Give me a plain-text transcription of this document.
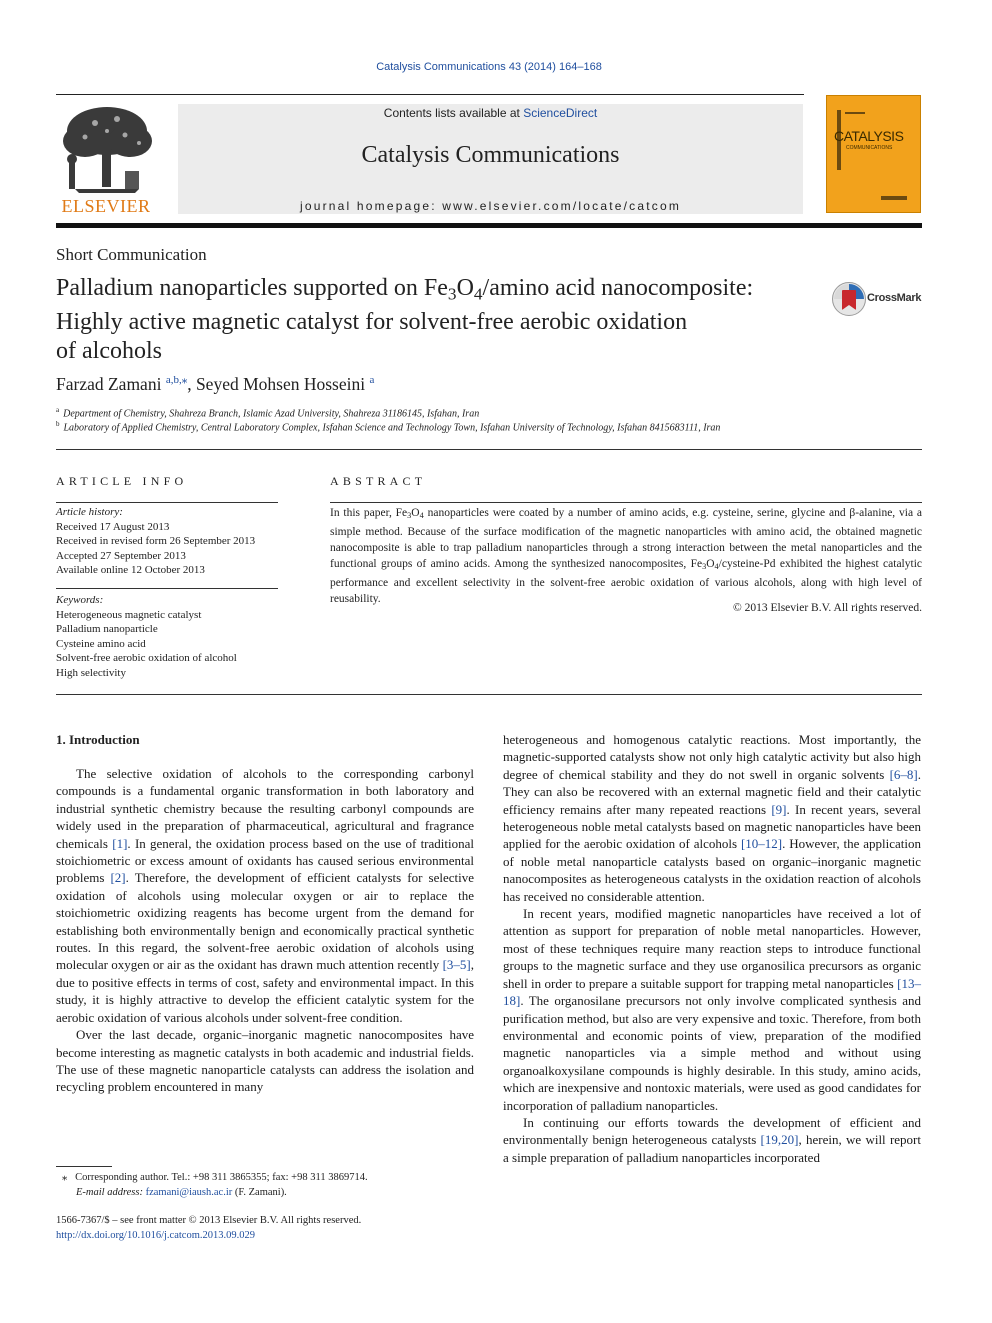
Catalysis Communications 43 (2014) 164–168
ELSEVIER
Contents lists available at ScienceDirect
Catalysis Communications
journal homepage: www.elsevier.com/locate/catcom
CATALYSIS
COMMUNICATIONS
Short Communication
Palladium nanoparticles supported on $Fe_3O_4$/amino acid nanocomposite:
Highly active magnetic catalyst for solvent-free aerobic oxidation
of alcohols
CrossMark
Farzad Zamani $^{a,b,⁎}$, Seyed Mohsen Hosseini $^a$
$^a$ Department of Chemistry, Shahreza Branch, Islamic Azad University, Shahreza 31186145, Isfahan, Iran
$^b$ Laboratory of Applied Chemistry, Central Laboratory Complex, Isfahan Science and Technology Town, Isfahan University of Technology, Isfahan 8415683111, Iran
ARTICLE INFO
Article history:
Received 17 August 2013
Received in revised form 26 September 2013
Accepted 27 September 2013
Available online 12 October 2013
Keywords:
Heterogeneous magnetic catalyst
Palladium nanoparticle
Cysteine amino acid
Solvent-free aerobic oxidation of alcohol
High selectivity
ABSTRACT
In this paper, $Fe_3O_4$ nanoparticles were coated by a number of amino acids, e.g. cysteine, serine, glycine and β-alanine, via a simple method. Because of the surface modification of the magnetic nanoparticles with amino acid, the obtained magnetic nanocomposite is able to trap palladium nanoparticles through a strong interaction between the metal nanoparticles and the functional groups of amino acids. Among the synthesized nanocomposites, $Fe_3O_4/cysteine-Pd$ exhibited the highest catalytic performance and excellent selectivity in the solvent-free aerobic oxidation of various alcohols, along with high level of reusability.
© 2013 Elsevier B.V. All rights reserved.
1. Introduction

The selective oxidation of alcohols to the corresponding carbonyl compounds is a fundamental organic transformation in both laboratory and industrial synthetic chemistry because the resulting carbonyl compounds are widely used in the preparation of pharmaceutical, agricultural and fragrance chemicals [1]. In general, the oxidation process based on the use of traditional stoichiometric or excess amount of oxidants has caused serious environmental problems [2]. Therefore, the development of efficient catalysts for selective oxidation of alcohols using molecular oxygen or air to replace the stoichiometric oxidizing reagents has become urgent from the demand for establishing both environmentally benign and economically practical synthetic routes. In this regard, the solvent-free aerobic oxidation of alcohols using molecular oxygen or air as the oxidant has drawn much attention recently [3–5], due to positive effects in terms of cost, safety and environmental impact. In this study, it is highly attractive to develop the efficient catalytic system for the aerobic oxidation of various alcohols under solvent-free condition.

Over the last decade, organic–inorganic magnetic nanocomposites have become interesting as magnetic catalysts in both academic and industrial fields. The use of these magnetic nanoparticle catalysts can address the isolation and recycling problem encountered in many

heterogeneous and homogenous catalytic reactions. Most importantly, the magnetic-supported catalysts show not only high catalytic activity but also high degree of chemical stability and they do not swell in organic solvents [6–8]. They can also be recovered with an external magnetic field and their catalytic efficiency remains after many repeated reactions [9]. In recent years, several heterogeneous noble metal catalysts based on magnetic nanoparticles have been applied for the aerobic oxidation of alcohols [10–12]. However, the application of noble metal nanoparticle catalysts based on organic–inorganic magnetic nanocomposites as heterogeneous catalysts in the oxidation reaction of alcohols has received no considerable attention.

In recent years, modified magnetic nanoparticles have received a lot of attention as support for preparation of noble metal nanoparticles. However, most of these techniques require many reaction steps to introduce functional groups to the magnetic surface and they use organosilica precursors as organic shell in order to prepare a suitable support for trapping metal nanoparticles [13–18]. The organosilane precursors not only involve complicated synthesis and purification method, but also are very expensive and toxic. Therefore, from both environmental and economic points of view, preparation of the modified magnetic nanoparticles via a simple method and without using organoalkoxysilane compounds is highly desirable. In this study, amino acids, which are inexpensive and nontoxic materials, were used as good candidates for incorporation of palladium nanoparticles.

In continuing our efforts towards the development of efficient and environmentally benign heterogeneous catalysts [19,20], herein, we will report a simple preparation of palladium nanoparticles incorporated

⁎ Corresponding author. Tel.: +98 311 3865355; fax: +98 311 3869714.
E-mail address: fzamani@iaush.ac.ir (F. Zamani).
1566-7367/$ – see front matter © 2013 Elsevier B.V. All rights reserved.
http://dx.doi.org/10.1016/j.catcom.2013.09.029
